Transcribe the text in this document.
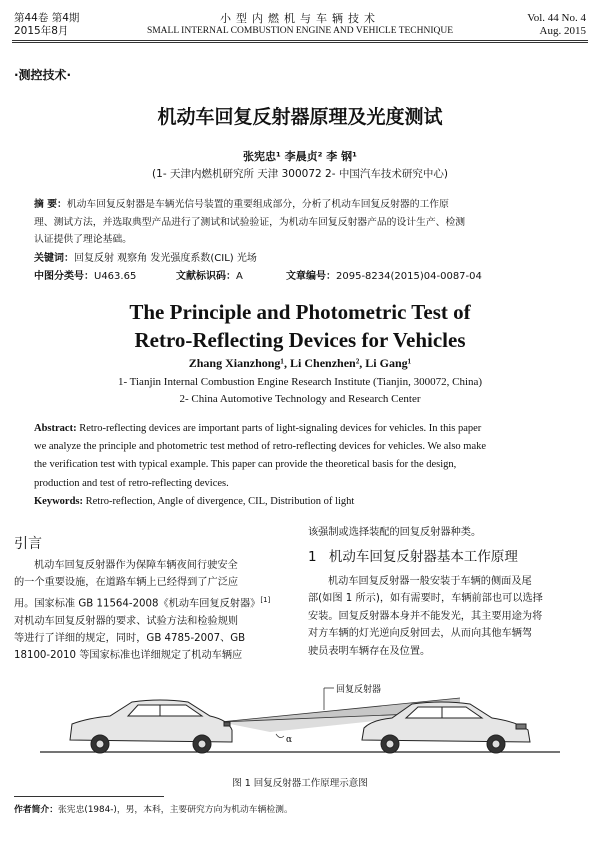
第44卷 第4期
2015年8月
小型内燃机与车辆技术
SMALL INTERNAL COMBUSTION ENGINE AND VEHICLE TECHNIQUE
Vol. 44 No. 4
Aug. 2015
·测控技术·
机动车回复反射器原理及光度测试
张宪忠¹ 李晨贞² 李 钢¹
(1- 天津内燃机研究所 天津 300072 2- 中国汽车技术研究中心)
摘 要：机动车回复反射器是车辆光信号装置的重要组成部分，分析了机动车回复反射器的工作原
理、测试方法，并选取典型产品进行了测试和试验验证，为机动车回复反射器产品的设计生产、检测
认证提供了理论基础。
关键词：回复反射 观察角 发光强度系数(CIL) 光场
中图分类号：U463.65	文献标识码：A	文章编号：2095-8234(2015)04-0087-04
The Principle and Photometric Test of
Retro-Reflecting Devices for Vehicles
Zhang Xianzhong¹, Li Chenzhen², Li Gang¹
1- Tianjin Internal Combustion Engine Research Institute (Tianjin, 300072, China)
2- China Automotive Technology and Research Center
Abstract: Retro-reflecting devices are important parts of light-signaling devices for vehicles. In this paper
we analyze the principle and photometric test method of retro-reflecting devices for vehicles. We also make
the verification test with typical example. This paper can provide the theoretical basis for the design,
production and test of retro-reflecting devices.
Keywords: Retro-reflection, Angle of divergence, CIL, Distribution of light
引言
机动车回复反射器作为保障车辆夜间行驶安全
的一个重要设施，在道路车辆上已经得到了广泛应
用。国家标准 GB 11564-2008《机动车回复反射器》[1]
对机动车回复反射器的要求、试验方法和检验规则
等进行了详细的规定，同时，GB 4785-2007、GB
18100-2010 等国家标准也详细规定了机动车辆应
该强制或选择装配的回复反射器种类。
1 机动车回复反射器基本工作原理
机动车回复反射器一般安装于车辆的侧面及尾
部(如图 1 所示)，如有需要时，车辆前部也可以选择
安装。回复反射器本身并不能发光，其主要用途为将
对方车辆的灯光逆向反射回去，从而向其他车辆驾
驶员表明车辆存在及位置。
回复反射器
α
图 1 回复反射器工作原理示意图
作者简介：张宪忠(1984-)，男，本科，主要研究方向为机动车辆检测。
